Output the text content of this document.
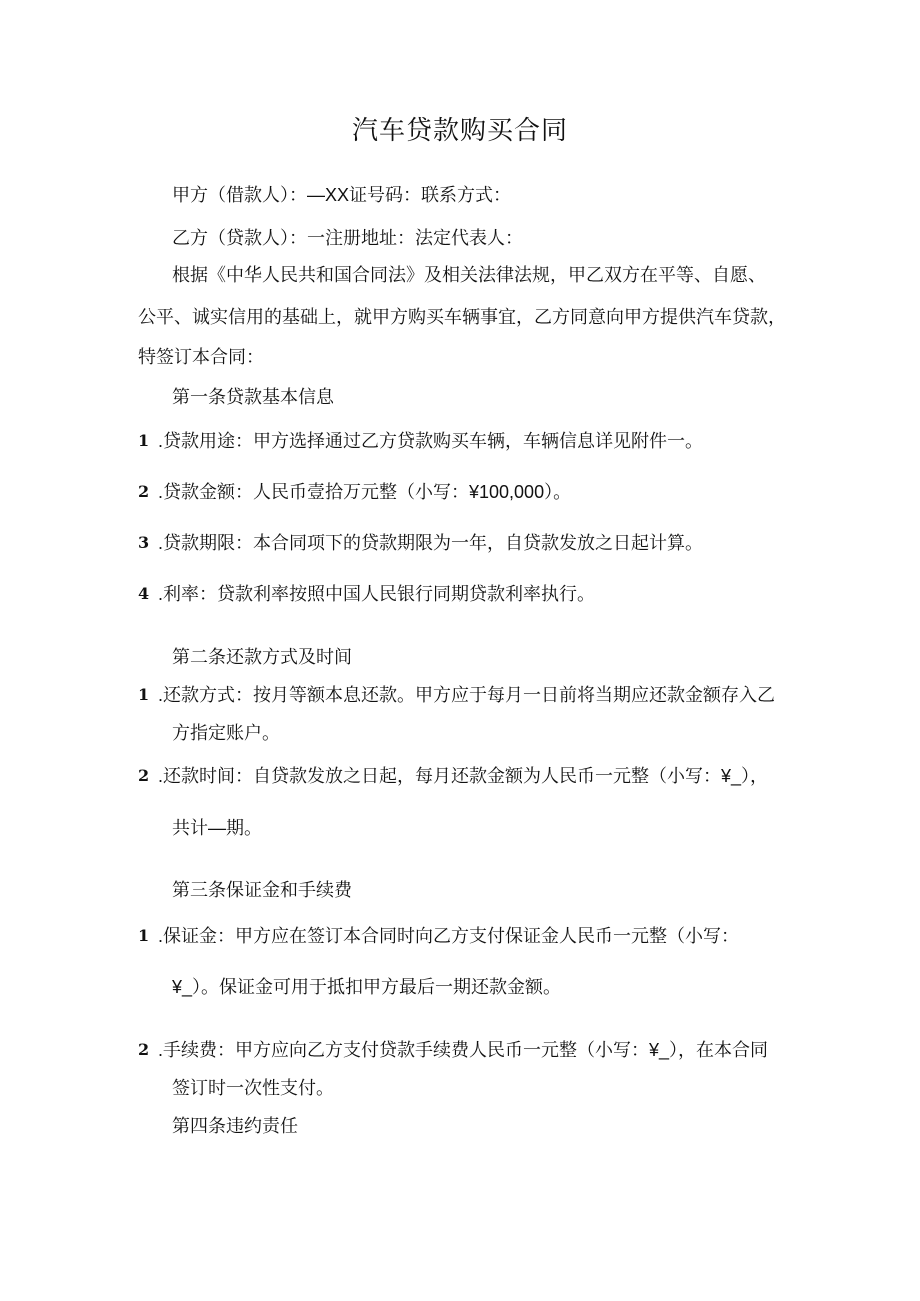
汽车贷款购买合同
甲方（借款人）：—XX证号码：联系方式：
乙方（贷款人）：一注册地址：法定代表人：
根据《中华人民共和国合同法》及相关法律法规，甲乙双方在平等、自愿、
公平、诚实信用的基础上，就甲方购买车辆事宜，乙方同意向甲方提供汽车贷款，
特签订本合同：
第一条贷款基本信息
1 .贷款用途：甲方选择通过乙方贷款购买车辆，车辆信息详见附件一。
2 .贷款金额：人民币壹拾万元整（小写：¥100,000）。
3 .贷款期限：本合同项下的贷款期限为一年，自贷款发放之日起计算。
4 .利率：贷款利率按照中国人民银行同期贷款利率执行。
第二条还款方式及时间
1 .还款方式：按月等额本息还款。甲方应于每月一日前将当期应还款金额存入乙
方指定账户。
2 .还款时间：自贷款发放之日起，每月还款金额为人民币一元整（小写：¥_），
共计—期。
第三条保证金和手续费
1 .保证金：甲方应在签订本合同时向乙方支付保证金人民币一元整（小写：
¥_）。保证金可用于抵扣甲方最后一期还款金额。
2 .手续费：甲方应向乙方支付贷款手续费人民币一元整（小写：¥_），在本合同
签订时一次性支付。
第四条违约责任
